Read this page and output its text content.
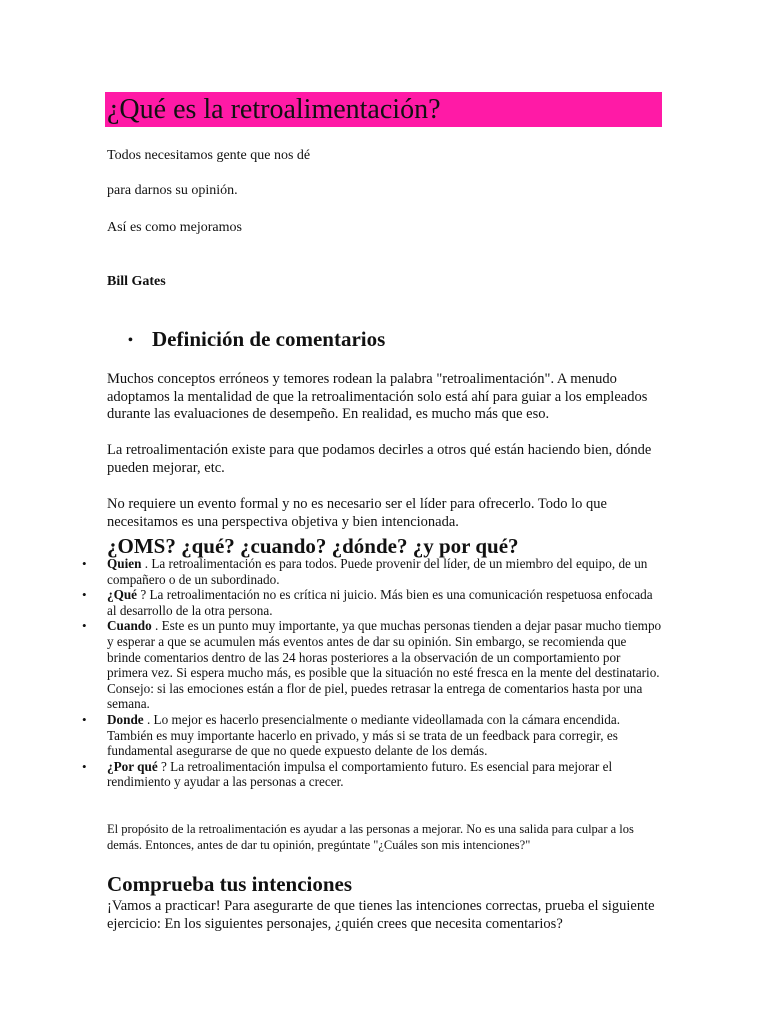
¿Qué es la retroalimentación?

Todos necesitamos gente que nos dé

para darnos su opinión.

Así es como mejoramos

Bill Gates

• Definición de comentarios

Muchos conceptos erróneos y temores rodean la palabra "retroalimentación". A menudo adoptamos la mentalidad de que la retroalimentación solo está ahí para guiar a los empleados durante las evaluaciones de desempeño. En realidad, es mucho más que eso.

La retroalimentación existe para que podamos decirles a otros qué están haciendo bien, dónde pueden mejorar, etc.

No requiere un evento formal y no es necesario ser el líder para ofrecerlo. Todo lo que necesitamos es una perspectiva objetiva y bien intencionada.

¿OMS? ¿qué? ¿cuando? ¿dónde? ¿y por qué?
• Quien . La retroalimentación es para todos. Puede provenir del líder, de un miembro del equipo, de un compañero o de un subordinado.
• ¿Qué ? La retroalimentación no es crítica ni juicio. Más bien es una comunicación respetuosa enfocada al desarrollo de la otra persona.
• Cuando . Este es un punto muy importante, ya que muchas personas tienden a dejar pasar mucho tiempo y esperar a que se acumulen más eventos antes de dar su opinión. Sin embargo, se recomienda que brinde comentarios dentro de las 24 horas posteriores a la observación de un comportamiento por primera vez. Si espera mucho más, es posible que la situación no esté fresca en la mente del destinatario. Consejo: si las emociones están a flor de piel, puedes retrasar la entrega de comentarios hasta por una semana.
• Donde . Lo mejor es hacerlo presencialmente o mediante videollamada con la cámara encendida. También es muy importante hacerlo en privado, y más si se trata de un feedback para corregir, es fundamental asegurarse de que no quede expuesto delante de los demás.
• ¿Por qué ? La retroalimentación impulsa el comportamiento futuro. Es esencial para mejorar el rendimiento y ayudar a las personas a crecer.

El propósito de la retroalimentación es ayudar a las personas a mejorar. No es una salida para culpar a los demás. Entonces, antes de dar tu opinión, pregúntate "¿Cuáles son mis intenciones?"

Comprueba tus intenciones

¡Vamos a practicar! Para asegurarte de que tienes las intenciones correctas, prueba el siguiente ejercicio: En los siguientes personajes, ¿quién crees que necesita comentarios?
